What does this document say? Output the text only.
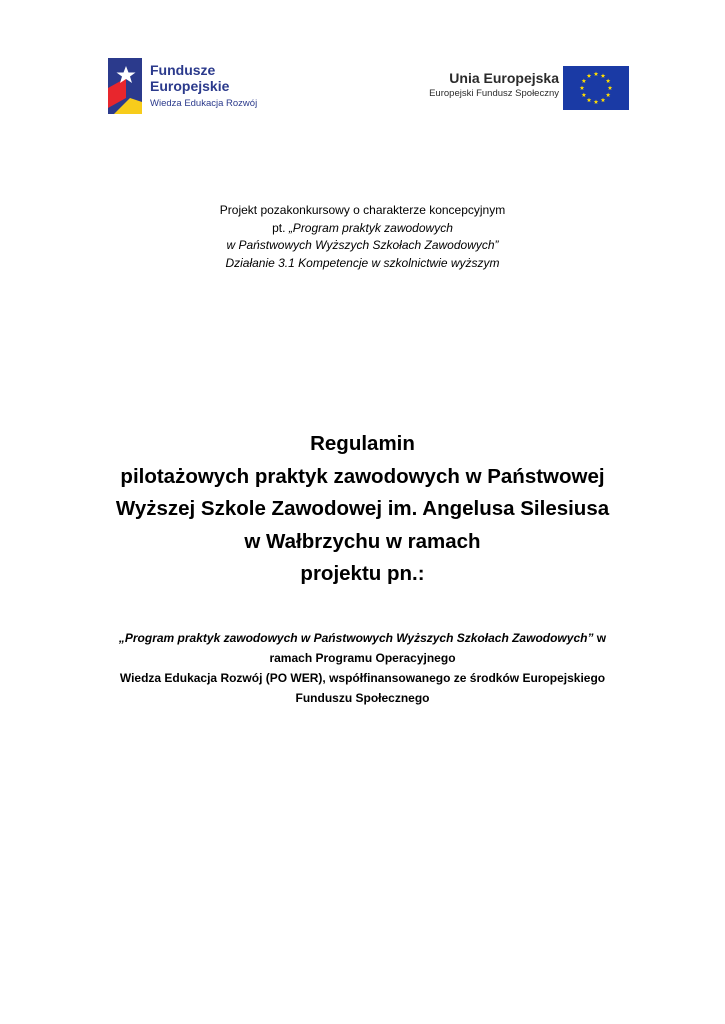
Fundusze
Europejskie
Wiedza Edukacja Rozwój
Unia Europejska
Europejski Fundusz Społeczny
Projekt pozakonkursowy o charakterze koncepcyjnym
pt. „Program praktyk zawodowych
w Państwowych Wyższych Szkołach Zawodowych”
Działanie 3.1 Kompetencje w szkolnictwie wyższym
Regulamin
pilotażowych praktyk zawodowych w Państwowej
Wyższej Szkole Zawodowej im. Angelusa Silesiusa
w Wałbrzychu w ramach
projektu pn.:
„Program praktyk zawodowych w Państwowych Wyższych Szkołach Zawodowych” w
ramach Programu Operacyjnego
Wiedza Edukacja Rozwój (PO WER), współfinansowanego ze środków Europejskiego
Funduszu Społecznego
